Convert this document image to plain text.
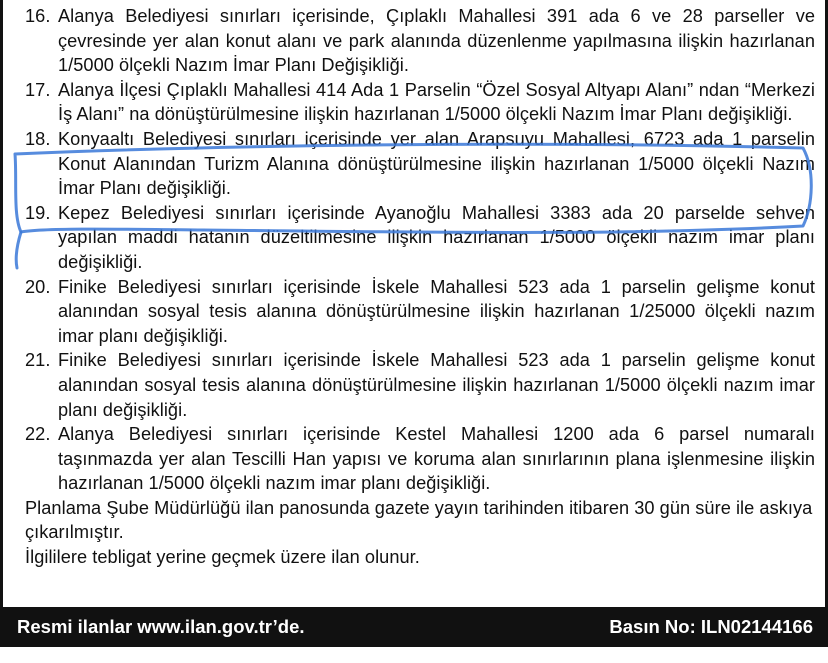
16. Alanya Belediyesi sınırları içerisinde, Çıplaklı Mahallesi 391 ada 6 ve 28 parseller ve çevresinde yer alan konut alanı ve park alanında düzenlenme yapılmasına ilişkin hazırlanan 1/5000 ölçekli Nazım İmar Planı Değişikliği.
17. Alanya İlçesi Çıplaklı Mahallesi 414 Ada 1 Parselin “Özel Sosyal Altyapı Alanı” ndan “Merkezi İş Alanı” na dönüştürülmesine ilişkin hazırlanan 1/5000 ölçekli Nazım İmar Planı değişikliği.
18. Konyaaltı Belediyesi sınırları içerisinde yer alan Arapsuyu Mahallesi, 6723 ada 1 parselin Konut Alanından Turizm Alanına dönüştürülmesine ilişkin hazırlanan 1/5000 ölçekli Nazım İmar Planı değişikliği.
19. Kepez Belediyesi sınırları içerisinde Ayanoğlu Mahallesi 3383 ada 20 parselde sehven yapılan maddi hatanın düzeltilmesine ilişkin hazırlanan 1/5000 ölçekli nazım imar planı değişikliği.
20. Finike Belediyesi sınırları içerisinde İskele Mahallesi 523 ada 1 parselin gelişme konut alanından sosyal tesis alanına dönüştürülmesine ilişkin hazırlanan 1/25000 ölçekli nazım imar planı değişikliği.
21. Finike Belediyesi sınırları içerisinde İskele Mahallesi 523 ada 1 parselin gelişme konut alanından sosyal tesis alanına dönüştürülmesine ilişkin hazırlanan 1/5000 ölçekli nazım imar planı değişikliği.
22. Alanya Belediyesi sınırları içerisinde Kestel Mahallesi 1200 ada 6 parsel numaralı taşınmazda yer alan Tescilli Han yapısı ve koruma alan sınırlarının plana işlenmesine ilişkin hazırlanan 1/5000 ölçekli nazım imar planı değişikliği.
Planlama Şube Müdürlüğü ilan panosunda gazete yayın tarihinden itibaren 30 gün süre ile askıya çıkarılmıştır.
İlgililere tebligat yerine geçmek üzere ilan olunur.
Resmi ilanlar www.ilan.gov.tr’de.	Basın No: ILN02144166
